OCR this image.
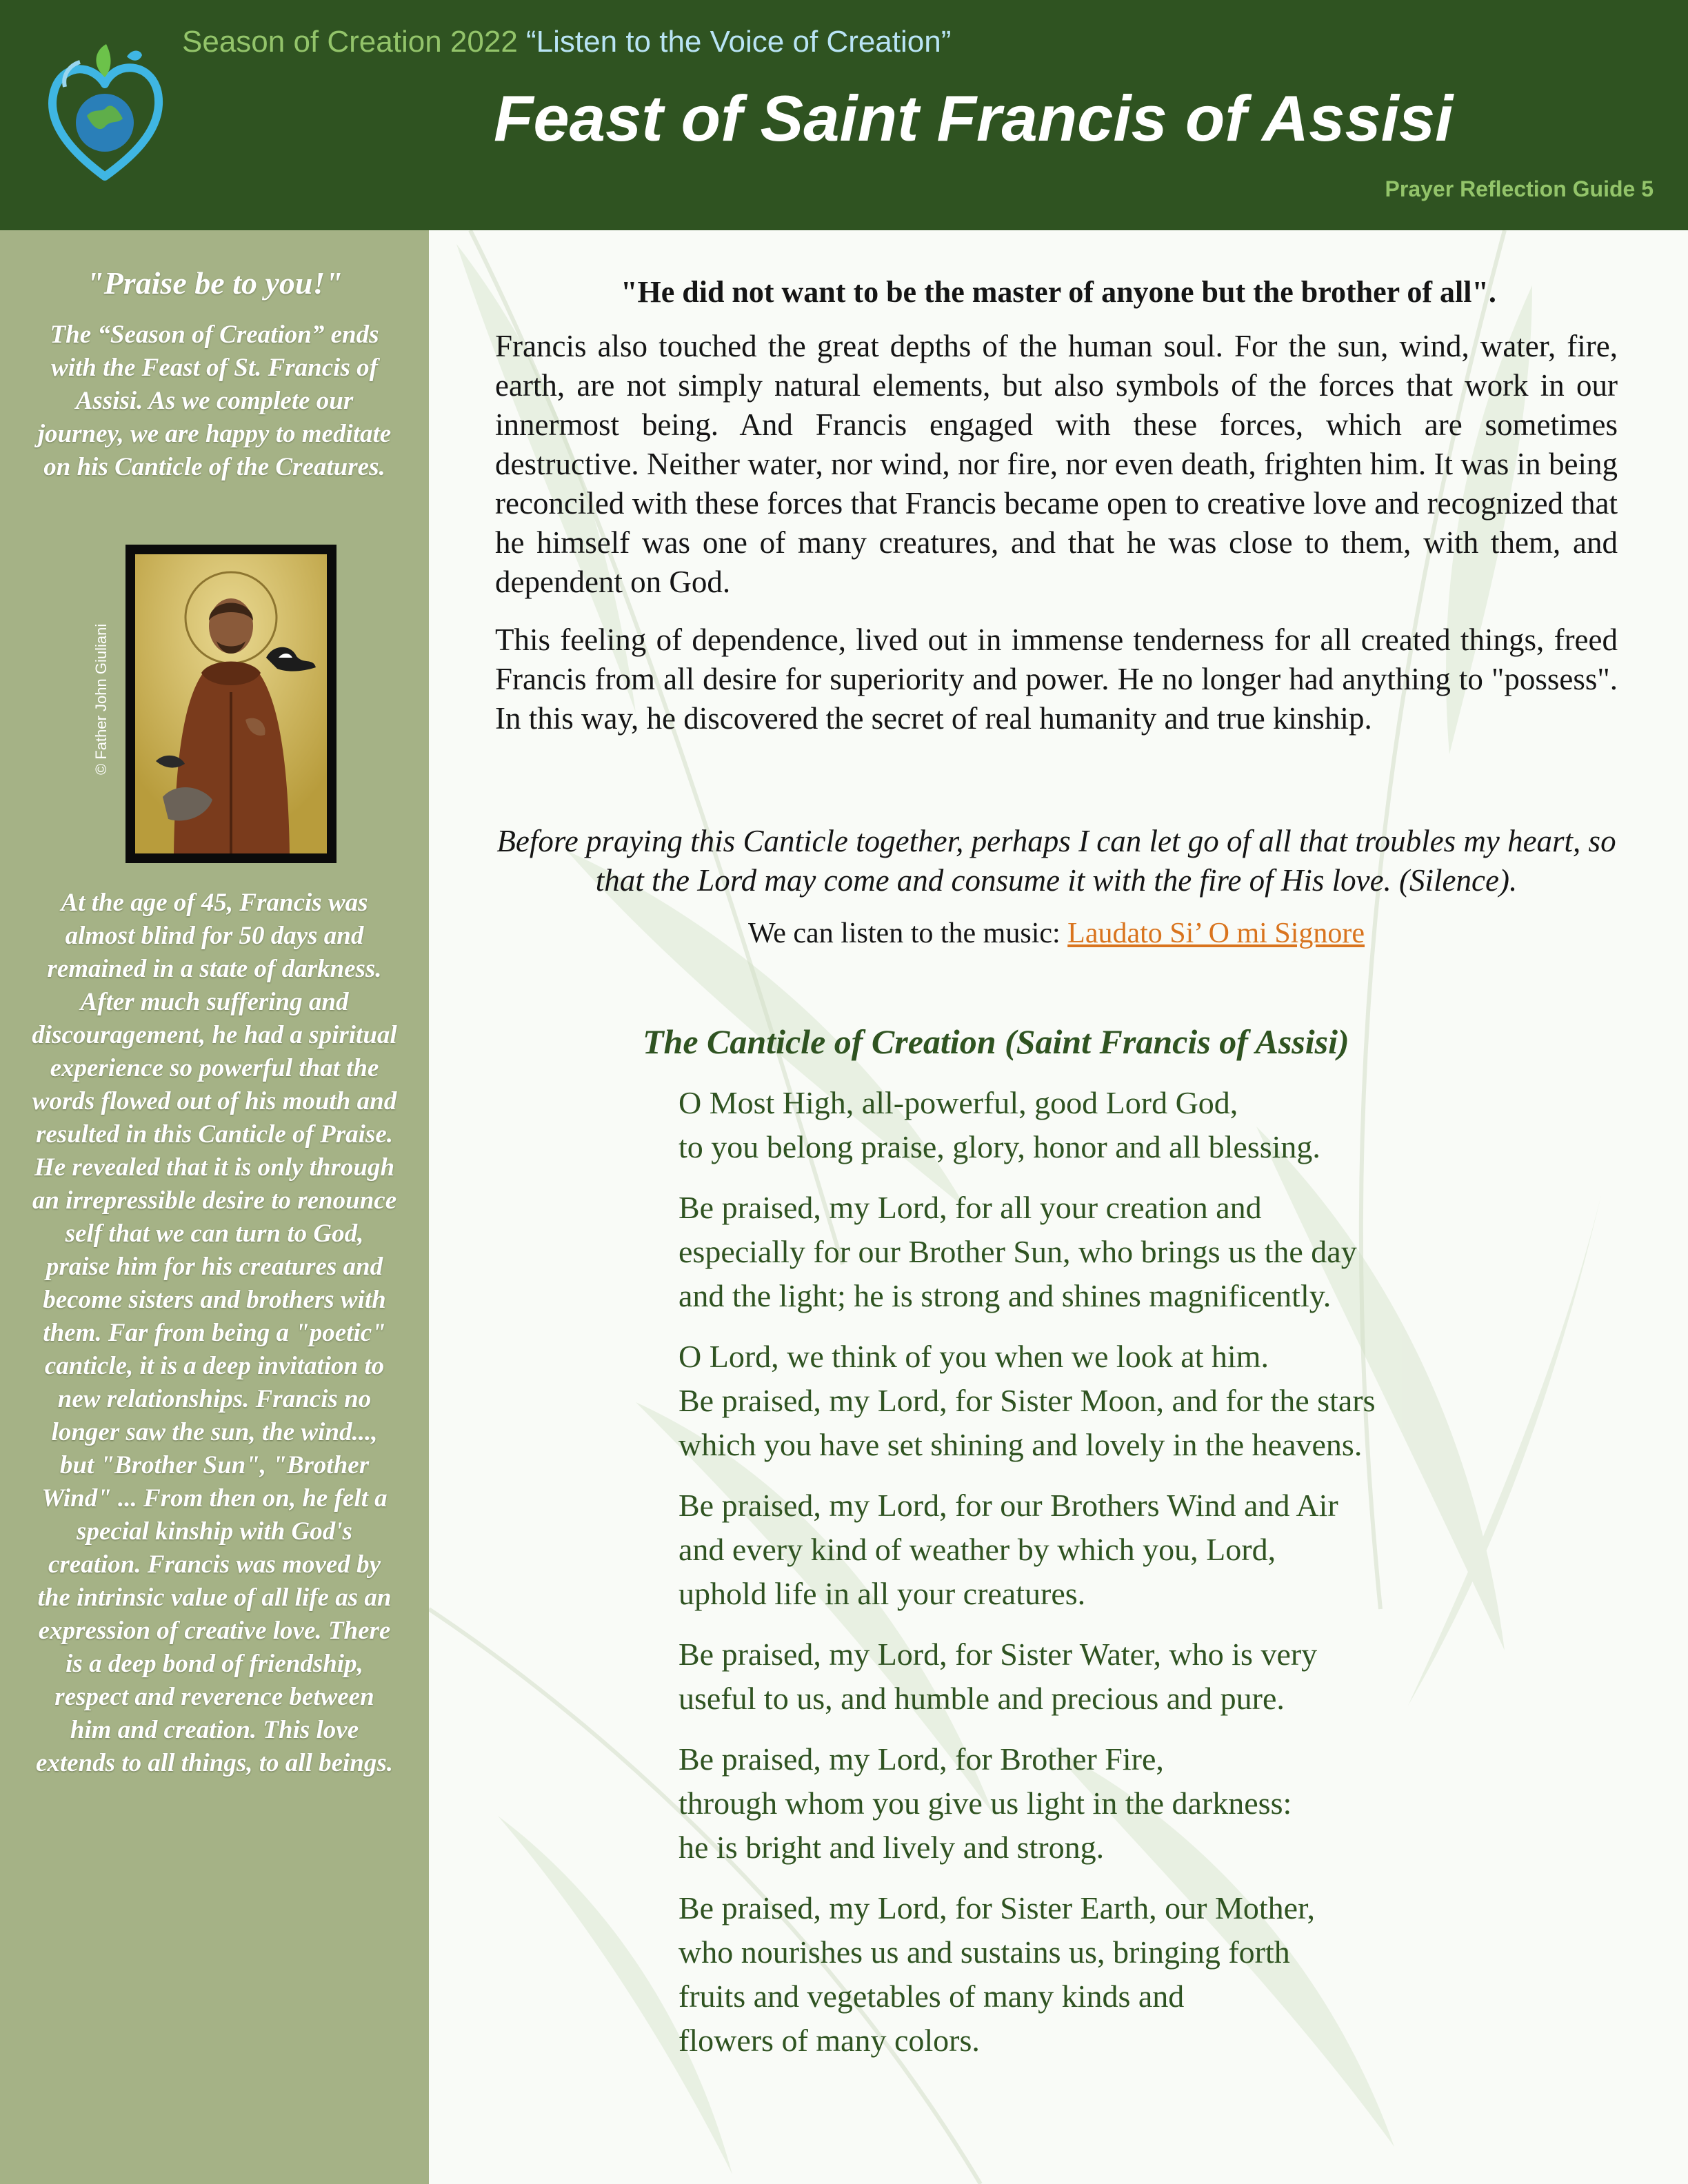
Season of Creation 2022 “Listen to the Voice of Creation”
Feast of Saint Francis of Assisi
Prayer Reflection Guide 5
"Praise be to you!"
The “Season of Creation” ends with the Feast of St. Francis of Assisi. As we complete our journey, we are happy to meditate on his Canticle of the Creatures.
© Father John Giuliani
At the age of 45, Francis was almost blind for 50 days and remained in a state of darkness. After much suffering and discouragement, he had a spiritual experience so powerful that the words flowed out of his mouth and resulted in this Canticle of Praise. He revealed that it is only through an irrepressible desire to renounce self that we can turn to God, praise him for his creatures and become sisters and brothers with them. Far from being a "poetic" canticle, it is a deep invitation to new relationships. Francis no longer saw the sun, the wind..., but "Brother Sun", "Brother Wind" ... From then on, he felt a special kinship with God's creation. Francis was moved by the intrinsic value of all life as an expression of creative love. There is a deep bond of friendship, respect and reverence between him and creation. This love extends to all things, to all beings.
"He did not want to be the master of anyone but the brother of all".
Francis also touched the great depths of the human soul. For the sun, wind, water, fire, earth, are not simply natural elements, but also symbols of the forces that work in our innermost being. And Francis engaged with these forces, which are sometimes destructive. Neither water, nor wind, nor fire, nor even death, frighten him. It was in being reconciled with these forces that Francis became open to creative love and recognized that he himself was one of many creatures, and that he was close to them, with them, and dependent on God.
This feeling of dependence, lived out in immense tenderness for all created things, freed Francis from all desire for superiority and power. He no longer had anything to "possess". In this way, he discovered the secret of real humanity and true kinship.
Before praying this Canticle together, perhaps I can let go of all that troubles my heart, so that the Lord may come and consume it with the fire of His love. (Silence).
We can listen to the music: Laudato Si’ O mi Signore
The Canticle of Creation (Saint Francis of Assisi)
O Most High, all-powerful, good Lord God,
to you belong praise, glory, honor and all blessing.
Be praised, my Lord, for all your creation and
especially for our Brother Sun, who brings us the day
and the light; he is strong and shines magnificently.
O Lord, we think of you when we look at him.
Be praised, my Lord, for Sister Moon, and for the stars
which you have set shining and lovely in the heavens.
Be praised, my Lord, for our Brothers Wind and Air
and every kind of weather by which you, Lord,
uphold life in all your creatures.
Be praised, my Lord, for Sister Water, who is very
useful to us, and humble and precious and pure.
Be praised, my Lord, for Brother Fire,
through whom you give us light in the darkness:
he is bright and lively and strong.
Be praised, my Lord, for Sister Earth, our Mother,
who nourishes us and sustains us, bringing forth
fruits and vegetables of many kinds and
flowers of many colors.
